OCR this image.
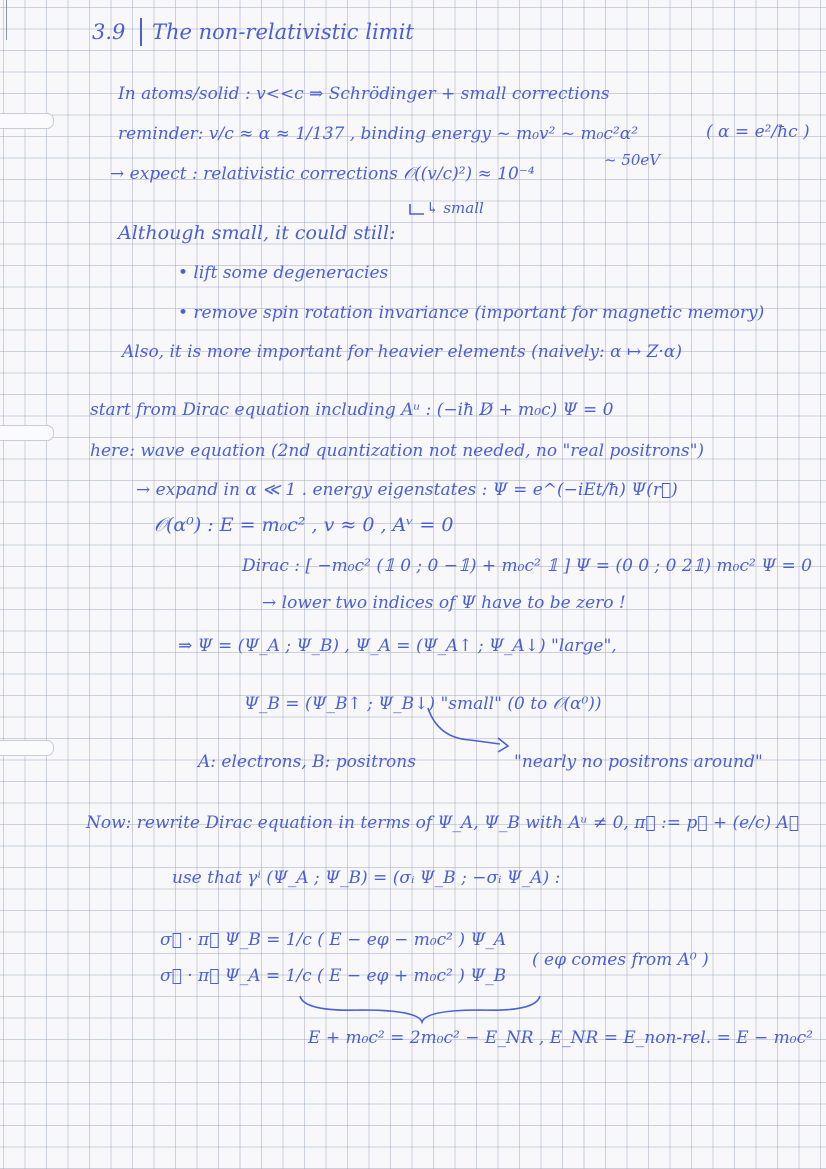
3.9 The non-relativistic limit
In atoms/solid : v<<c ⇒ Schrödinger + small corrections
reminder: v/c ≈ α ≈ 1/137 , binding energy ~ m₀v² ~ m₀c²α²	( α = e²/ħc )
~ 50eV
→ expect : relativistic corrections 𝒪((v/c)²) ≈ 10⁻⁴
↳ small
Although small, it could still:
• lift some degeneracies
• remove spin rotation invariance (important for magnetic memory)
Also, it is more important for heavier elements (naively: α ↦ Z·α)
start from Dirac equation including Aᵘ : (−iħ D̸ + m₀c) Ψ = 0
here: wave equation (2nd quantization not needed, no "real positrons")
→ expand in α ≪ 1 . energy eigenstates : Ψ = e^(−iEt/ħ) Ψ(r⃗)
𝒪(α⁰) : E = m₀c² , v ≈ 0 , Aᵛ = 0
Dirac : [ −m₀c² (𝟙 0 ; 0 −𝟙) + m₀c² 𝟙 ] Ψ = (0 0 ; 0 2𝟙) m₀c² Ψ = 0
→ lower two indices of Ψ have to be zero !
⇒ Ψ = (Ψ_A ; Ψ_B) , Ψ_A = (Ψ_A↑ ; Ψ_A↓) "large",
Ψ_B = (Ψ_B↑ ; Ψ_B↓) "small" (0 to 𝒪(α⁰))
A: electrons, B: positrons	"nearly no positrons around"
Now: rewrite Dirac equation in terms of Ψ_A, Ψ_B with Aᵘ ≠ 0, π⃗ := p⃗ + (e/c) A⃗
use that γⁱ (Ψ_A ; Ψ_B) = (σᵢ Ψ_B ; −σᵢ Ψ_A) :
σ⃗ · π⃗ Ψ_B = 1/c ( E − eφ − m₀c² ) Ψ_A
σ⃗ · π⃗ Ψ_A = 1/c ( E − eφ + m₀c² ) Ψ_B
( eφ comes from A⁰ )
E + m₀c² = 2m₀c² − E_NR , E_NR = E_non-rel. = E − m₀c²
